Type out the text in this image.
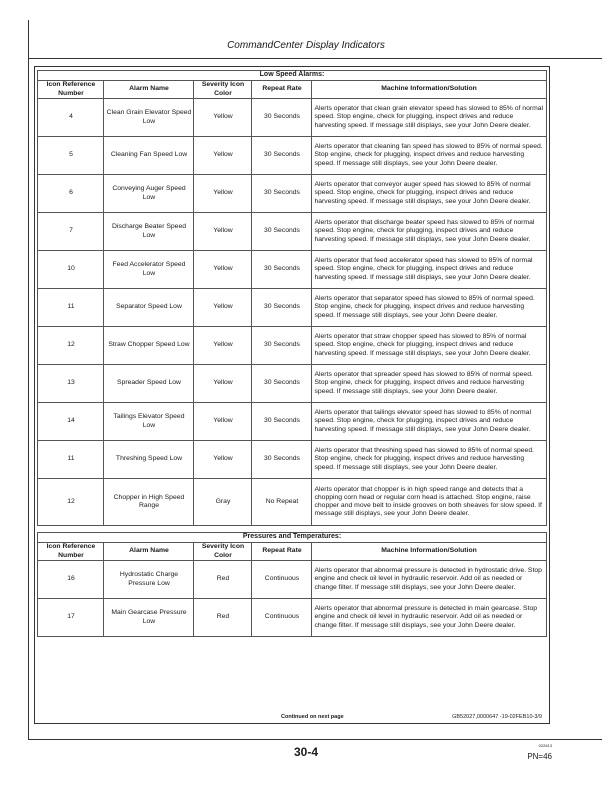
CommandCenter Display Indicators
Low Speed Alarms:				
Icon Reference Number	Alarm Name	Severity Icon Color	Repeat Rate	Machine Information/Solution
4	Clean Grain Elevator Speed Low	Yellow	30 Seconds	Alerts operator that clean grain elevator speed has slowed to 85% of normal speed. Stop engine, check for plugging, inspect drives and reduce harvesting speed. If message still displays, see your John Deere dealer.
5	Cleaning Fan Speed Low	Yellow	30 Seconds	Alerts operator that cleaning fan speed has slowed to 85% of normal speed. Stop engine, check for plugging, inspect drives and reduce harvesting speed. If message still displays, see your John Deere dealer.
6	Conveying Auger Speed Low	Yellow	30 Seconds	Alerts operator that conveyor auger speed has slowed to 85% of normal speed. Stop engine, check for plugging, inspect drives and reduce harvesting speed. If message still displays, see your John Deere dealer.
7	Discharge Beater Speed Low	Yellow	30 Seconds	Alerts operator that discharge beater speed has slowed to 85% of normal speed. Stop engine, check for plugging, inspect drives and reduce harvesting speed. If message still displays, see your John Deere dealer.
10	Feed Accelerator Speed Low	Yellow	30 Seconds	Alerts operator that feed accelerator speed has slowed to 85% of normal speed. Stop engine, check for plugging, inspect drives and reduce harvesting speed. If message still displays, see your John Deere dealer.
11	Separator Speed Low	Yellow	30 Seconds	Alerts operator that separator speed has slowed to 85% of normal speed. Stop engine, check for plugging, inspect drives and reduce harvesting speed. If message still displays, see your John Deere dealer.
12	Straw Chopper Speed Low	Yellow	30 Seconds	Alerts operator that straw chopper speed has slowed to 85% of normal speed. Stop engine, check for plugging, inspect drives and reduce harvesting speed. If message still displays, see your John Deere dealer.
13	Spreader Speed Low	Yellow	30 Seconds	Alerts operator that spreader speed has slowed to 85% of normal speed. Stop engine, check for plugging, inspect drives and reduce harvesting speed. If message still displays, see your John Deere dealer.
14	Tailings Elevator Speed Low	Yellow	30 Seconds	Alerts operator that tailings elevator speed has slowed to 85% of normal speed. Stop engine, check for plugging, inspect drives and reduce harvesting speed. If message still displays, see your John Deere dealer.
11	Threshing Speed Low	Yellow	30 Seconds	Alerts operator that threshing speed has slowed to 85% of normal speed. Stop engine, check for plugging, inspect drives and reduce harvesting speed. If message still displays, see your John Deere dealer.
12	Chopper in High Speed Range	Gray	No Repeat	Alerts operator that chopper is in high speed range and detects that a chopping corn head or regular corn head is attached. Stop engine, raise chopper and move belt to inside grooves on both sheaves for slow speed. If message still displays, see your John Deere dealer.
Pressures and Temperatures:				
Icon Reference Number	Alarm Name	Severity Icon Color	Repeat Rate	Machine Information/Solution
16	Hydrostatic Charge Pressure Low	Red	Continuous	Alerts operator that abnormal pressure is detected in hydrostatic drive. Stop engine and check oil level in hydraulic reservoir. Add oil as needed or change filter. If message still displays, see your John Deere dealer.
17	Main Gearcase Pressure Low	Red	Continuous	Alerts operator that abnormal pressure is detected in main gearcase. Stop engine and check oil level in hydraulic reservoir. Add oil as needed or change filter. If message still displays, see your John Deere dealer.
Continued on next page	GB52027,0000647 -19-02FEB10-3/9
30-4	022613
PN=46
